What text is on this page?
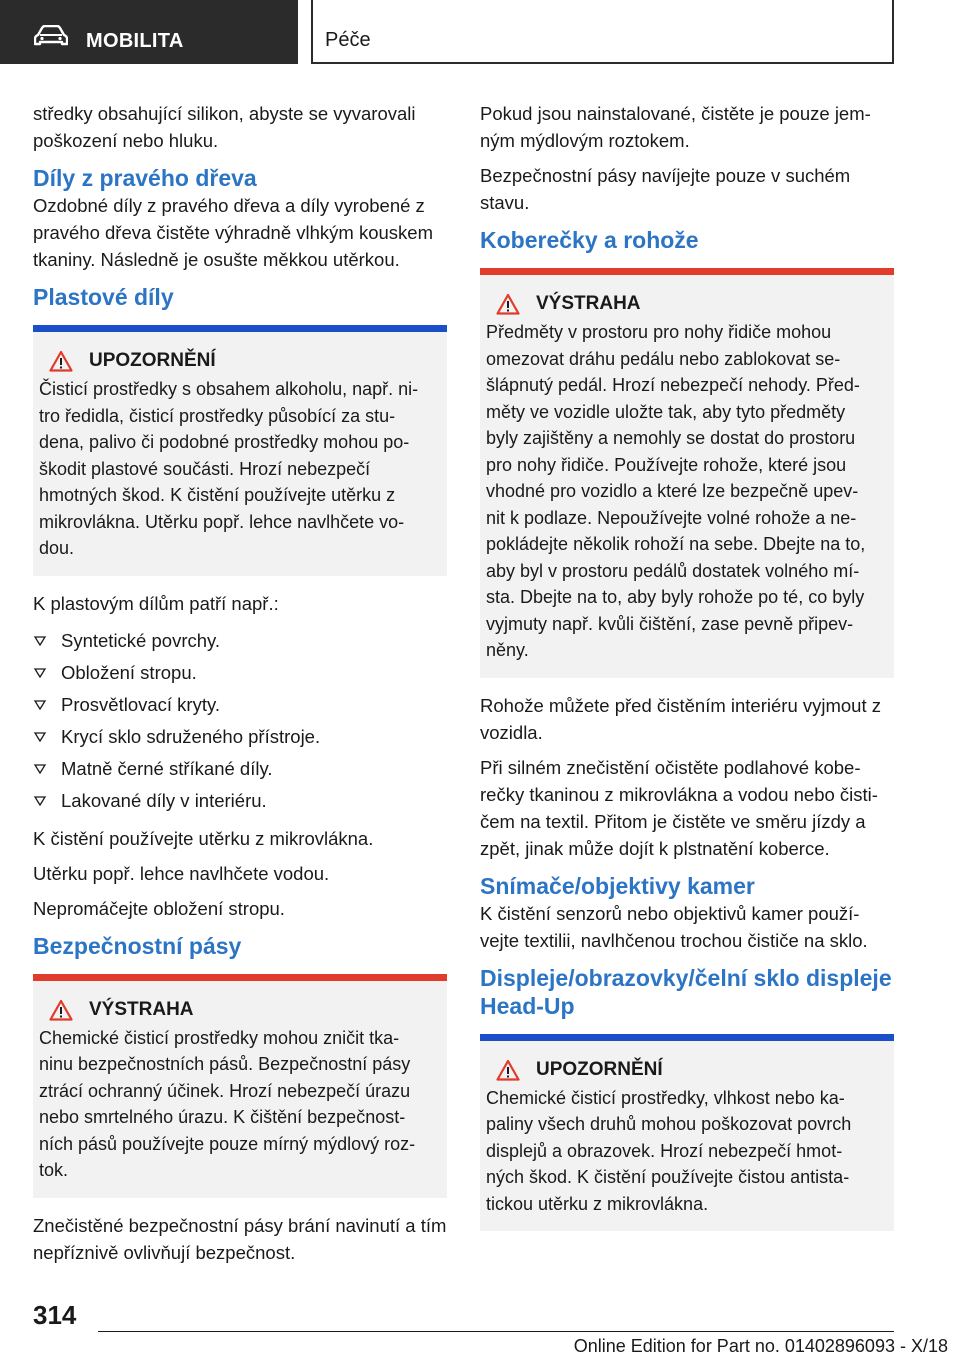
MOBILITA	Péče

středky obsahující silikon, abyste se vyvarovali poškození nebo hluku.

Díly z pravého dřeva

Ozdobné díly z pravého dřeva a díly vyrobené z pravého dřeva čistěte výhradně vlhkým kouskem tkaniny. Následně je osušte měkkou utěrkou.

Plastové díly
UPOZORNĚNÍ

Čisticí prostředky s obsahem alkoholu, např. ni-

tro ředidla, čisticí prostředky působící za stu-

dena, palivo či podobné prostředky mohou po-

škodit plastové součásti. Hrozí nebezpečí

hmotných škod. K čistění používejte utěrku z

mikrovlákna. Utěrku popř. lehce navlhčete vo-

dou.

K plastovým dílům patří např.:

Syntetické povrchy.
Obložení stropu.
Prosvětlovací kryty.
Krycí sklo sdruženého přístroje.
Matně černé stříkané díly.
Lakované díly v interiéru.

K čistění používejte utěrku z mikrovlákna.

Utěrku popř. lehce navlhčete vodou.

Nepromáčejte obložení stropu.

Bezpečnostní pásy
VÝSTRAHA

Chemické čisticí prostředky mohou zničit tka-

ninu bezpečnostních pásů. Bezpečnostní pásy

ztrácí ochranný účinek. Hrozí nebezpečí úrazu

nebo smrtelného úrazu. K čištění bezpečnost-

ních pásů používejte pouze mírný mýdlový roz-

tok.

Znečistěné bezpečnostní pásy brání navinutí a tím nepříznivě ovlivňují bezpečnost.

Pokud jsou nainstalované, čistěte je pouze jem- ným mýdlovým roztokem.

Bezpečnostní pásy navíjejte pouze v suchém stavu.

Koberečky a rohože
VÝSTRAHA

Předměty v prostoru pro nohy řidiče mohou

omezovat dráhu pedálu nebo zablokovat se-

šlápnutý pedál. Hrozí nebezpečí nehody. Před-

měty ve vozidle uložte tak, aby tyto předměty

byly zajištěny a nemohly se dostat do prostoru

pro nohy řidiče. Používejte rohože, které jsou

vhodné pro vozidlo a které lze bezpečně upev-

nit k podlaze. Nepoužívejte volné rohože a ne-

pokládejte několik rohoží na sebe. Dbejte na to,

aby byl v prostoru pedálů dostatek volného mí-

sta. Dbejte na to, aby byly rohože po té, co byly

vyjmuty např. kvůli čištění, zase pevně připev-

něny.

Rohože můžete před čistěním interiéru vyjmout z vozidla.

Při silném znečistění očistěte podlahové kobe- rečky tkaninou z mikrovlákna a vodou nebo čisti- čem na textil. Přitom je čistěte ve směru jízdy a zpět, jinak může dojít k plstnatění koberce.

Snímače/objektivy kamer

K čistění senzorů nebo objektivů kamer použí- vejte textilii, navlhčenou trochou čističe na sklo.

Displeje/obrazovky/čelní sklo displeje Head-Up
UPOZORNĚNÍ

Chemické čisticí prostředky, vlhkost nebo ka-

paliny všech druhů mohou poškozovat povrch

displejů a obrazovek. Hrozí nebezpečí hmot-

ných škod. K čistění používejte čistou antista-

tickou utěrku z mikrovlákna.

314
Online Edition for Part no. 01402896093 - X/18
